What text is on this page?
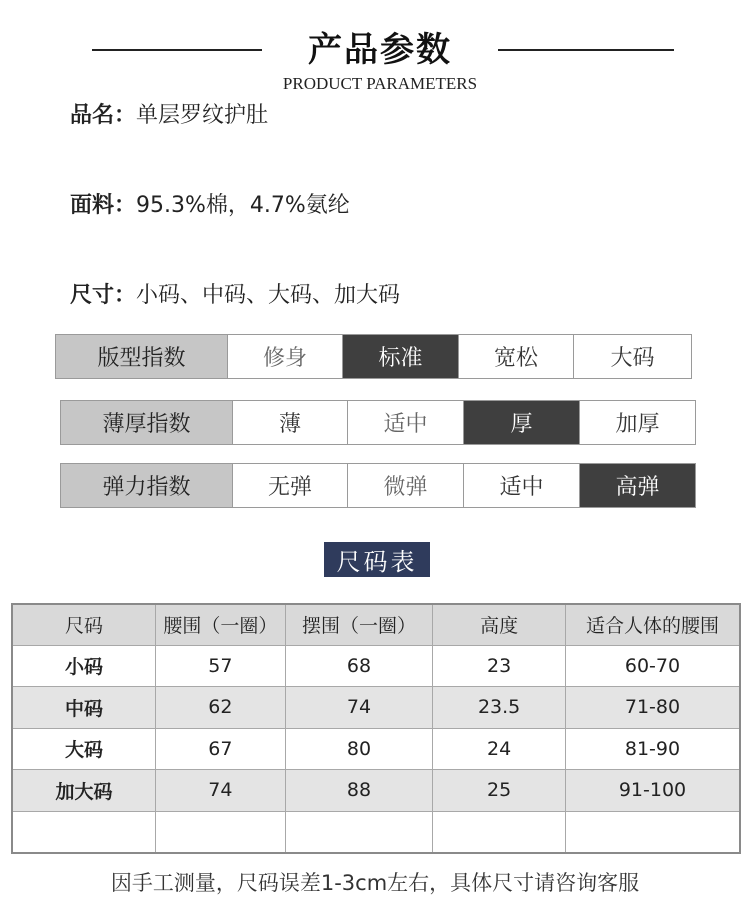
产品参数
PRODUCT PARAMETERS
品名：单层罗纹护肚
面料：95.3%棉，4.7%氨纶
尺寸：小码、中码、大码、加大码
版型指数	修身	标准	宽松	大码
薄厚指数	薄	适中	厚	加厚
弹力指数	无弹	微弹	适中	高弹
尺码表
尺码	腰围（一圈）	摆围（一圈）	高度	适合人体的腰围
小码	57	68	23	60-70
中码	62	74	23.5	71-80
大码	67	80	24	81-90
加大码	74	88	25	91-100

因手工测量，尺码误差1-3cm左右，具体尺寸请咨询客服
